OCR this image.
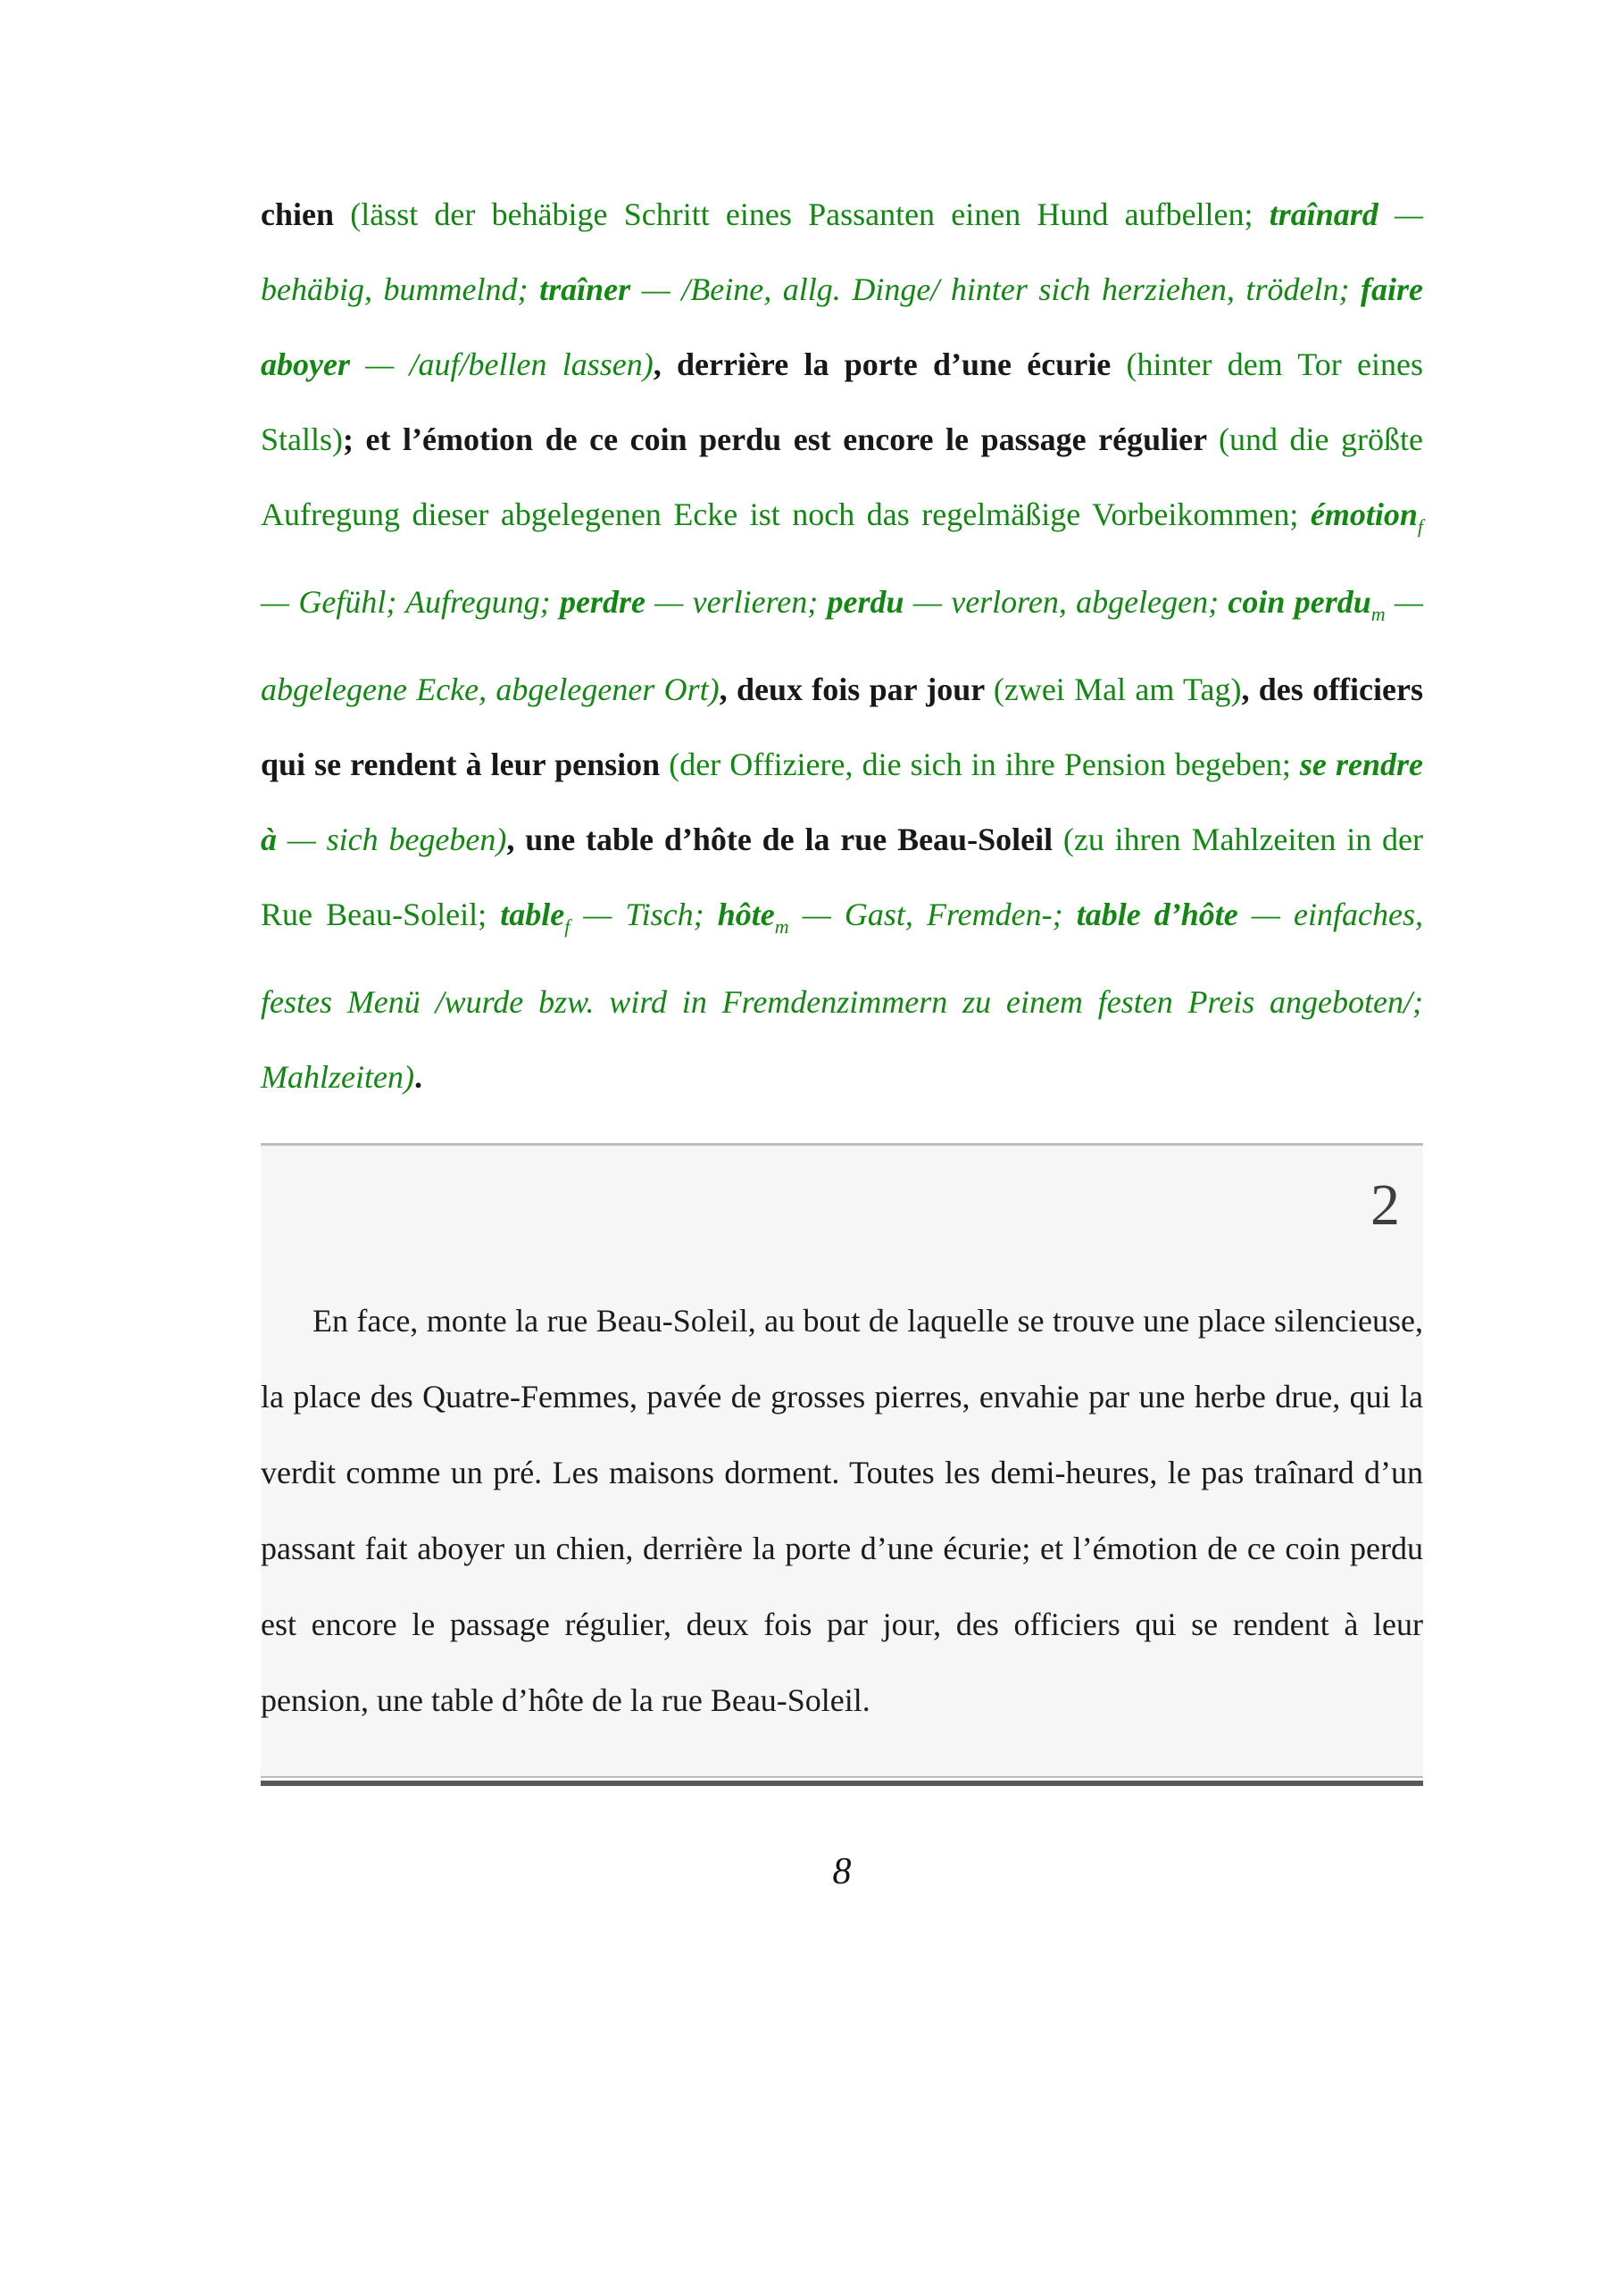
chien (lässt der behäbige Schritt eines Passanten einen Hund aufbellen; traînard — behäbig, bummelnd; traîner — /Beine, allg. Dinge/ hinter sich herziehen, trödeln; faire aboyer — /auf/bellen lassen), derrière la porte d’une écurie (hinter dem Tor eines Stalls); et l’émotion de ce coin perdu est encore le passage régulier (und die größte Aufregung dieser abgelegenen Ecke ist noch das regelmäßige Vorbeikommen; émotion$_f$ — Gefühl; Aufregung; perdre — verlieren; perdu — verloren, abgelegen; coin perdu$_m$ — abgelegene Ecke, abgelegener Ort), deux fois par jour (zwei Mal am Tag), des officiers qui se rendent à leur pension (der Offiziere, die sich in ihre Pension begeben; se rendre à — sich begeben), une table d’hôte de la rue Beau-Soleil (zu ihren Mahlzeiten in der Rue Beau-Soleil; table$_f$ — Tisch; hôte$_m$ — Gast, Fremden-; table d’hôte — einfaches, festes Menü /wurde bzw. wird in Fremdenzimmern zu einem festen Preis angeboten/; Mahlzeiten).

2

En face, monte la rue Beau-Soleil, au bout de laquelle se trouve une place silencieuse, la place des Quatre-Femmes, pavée de grosses pierres, envahie par une herbe drue, qui la verdit comme un pré. Les maisons dorment. Toutes les demi-heures, le pas traînard d’un passant fait aboyer un chien, derrière la porte d’une écurie; et l’émotion de ce coin perdu est encore le passage régulier, deux fois par jour, des officiers qui se rendent à leur pension, une table d’hôte de la rue Beau-Soleil.

8
